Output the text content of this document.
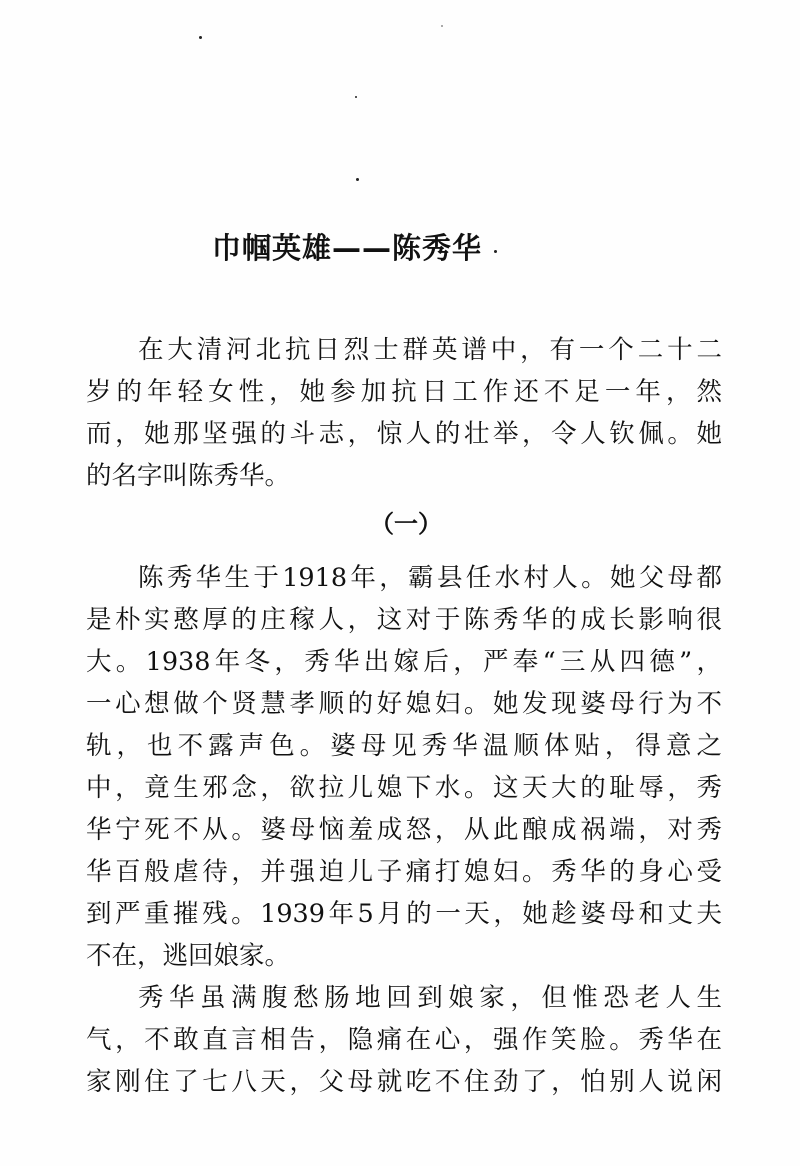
巾帼英雄——陈秀华
在大清河北抗日烈士群英谱中，有一个二十二
岁的年轻女性，她参加抗日工作还不足一年，然
而，她那坚强的斗志，惊人的壮举，令人钦佩。她
的名字叫陈秀华。
（一）
陈秀华生于1918年，霸县任水村人。她父母都
是朴实憨厚的庄稼人，这对于陈秀华的成长影响很
大。1938年冬，秀华出嫁后，严奉“三从四德”，
一心想做个贤慧孝顺的好媳妇。她发现婆母行为不
轨，也不露声色。婆母见秀华温顺体贴，得意之
中，竟生邪念，欲拉儿媳下水。这天大的耻辱，秀
华宁死不从。婆母恼羞成怒，从此酿成祸端，对秀
华百般虐待，并强迫儿子痛打媳妇。秀华的身心受
到严重摧残。1939年5月的一天，她趁婆母和丈夫
不在，逃回娘家。
秀华虽满腹愁肠地回到娘家，但惟恐老人生
气，不敢直言相告，隐痛在心，强作笑脸。秀华在
家刚住了七八天，父母就吃不住劲了，怕别人说闲
